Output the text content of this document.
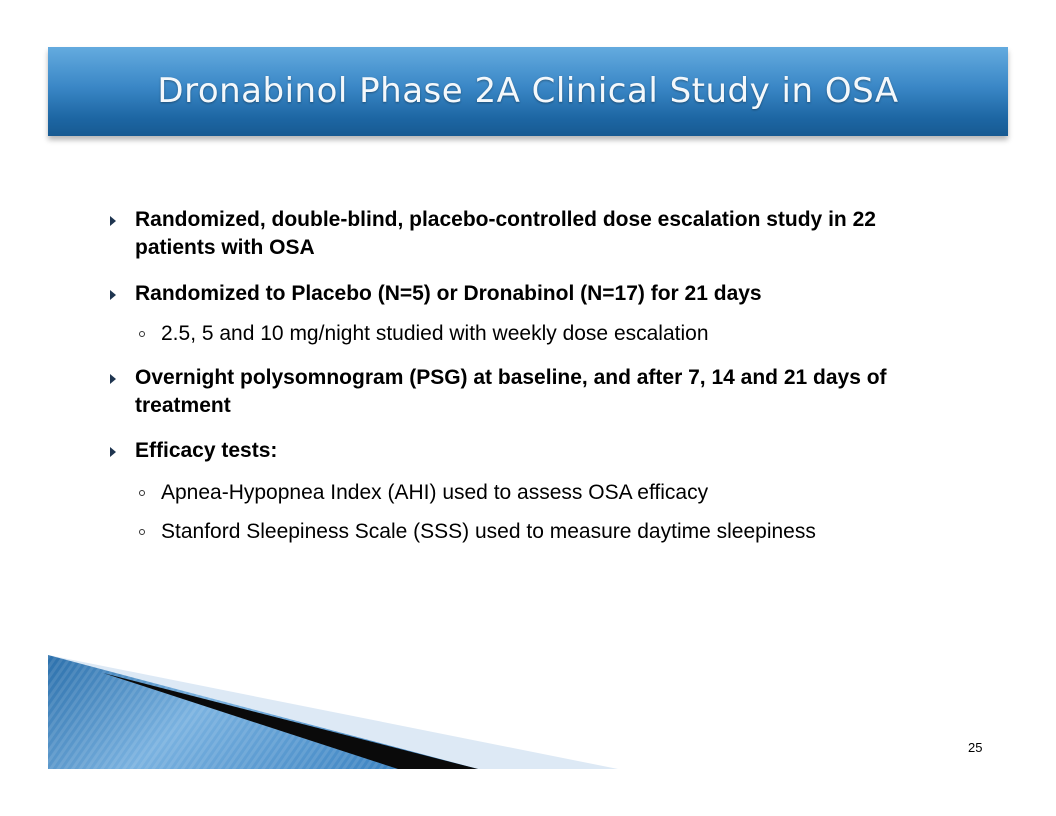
Dronabinol Phase 2A Clinical Study in OSA
Randomized, double-blind, placebo-controlled dose escalation study in 22 patients with OSA
Randomized to Placebo (N=5) or Dronabinol (N=17) for 21 days
2.5, 5 and 10 mg/night studied with weekly dose escalation
Overnight polysomnogram (PSG) at baseline, and after 7, 14 and 21 days of treatment
Efficacy tests:
Apnea-Hypopnea Index (AHI) used to assess OSA efficacy
Stanford Sleepiness Scale (SSS) used to measure daytime sleepiness
25
